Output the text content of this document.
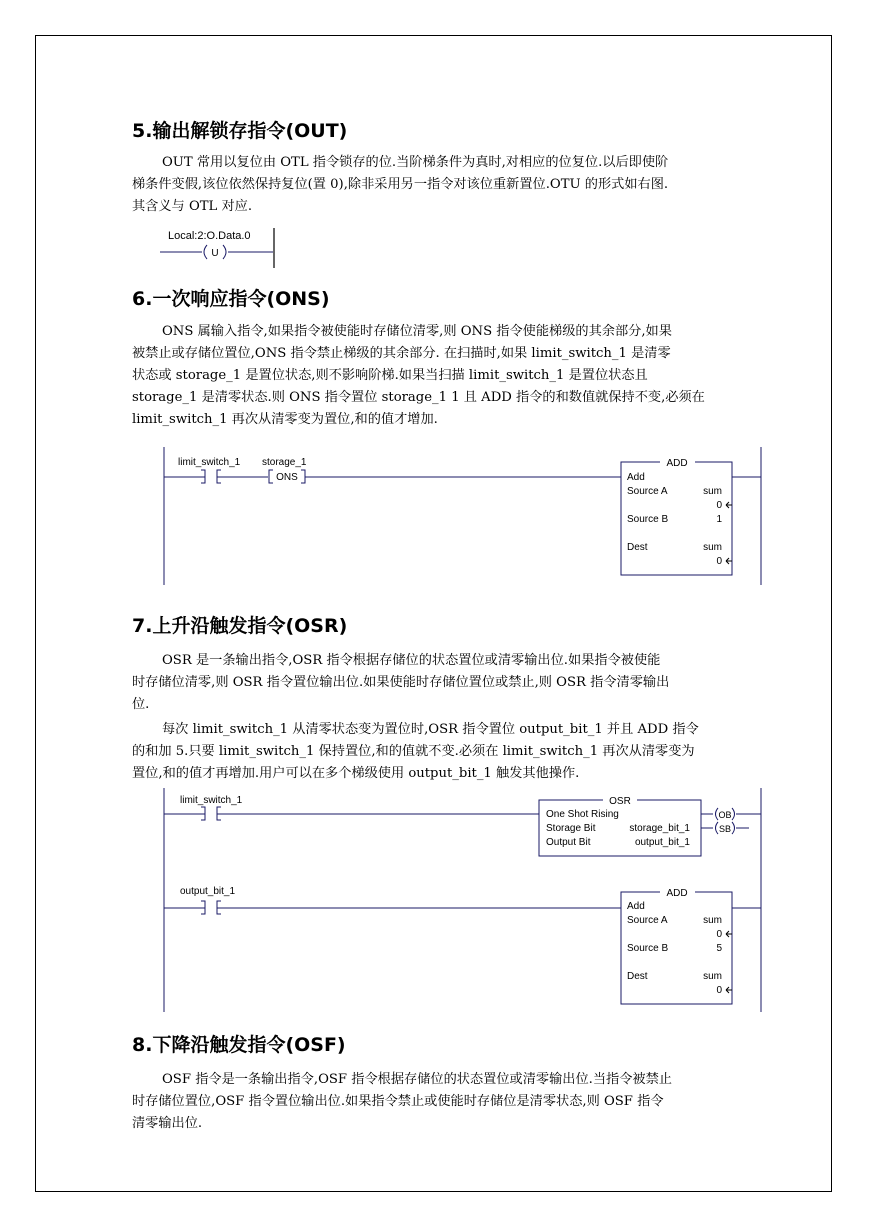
5.输出解锁存指令(OUT)
OUT 常用以复位由 OTL 指令锁存的位.当阶梯条件为真时,对相应的位复位.以后即使阶
梯条件变假,该位依然保持复位(置 0),除非采用另一指令对该位重新置位.OTU 的形式如右图.
其含义与 OTL 对应.
Local:2:O.Data.0
U
6.一次响应指令(ONS)
ONS 属输入指令,如果指令被使能时存储位清零,则 ONS 指令使能梯级的其余部分,如果
被禁止或存储位置位,ONS 指令禁止梯级的其余部分. 在扫描时,如果 limit_switch_1 是清零
状态或 storage_1 是置位状态,则不影响阶梯.如果当扫描 limit_switch_1 是置位状态且
storage_1 是清零状态.则 ONS 指令置位 storage_1 1 且 ADD 指令的和数值就保持不变,必须在
limit_switch_1 再次从清零变为置位,和的值才增加.
limit_switch_1 storage_1
ONS
ADD
Add
Source A	sum
0
Source B	1
Dest	sum
0
7.上升沿触发指令(OSR)
OSR 是一条输出指令,OSR 指令根据存储位的状态置位或清零输出位.如果指令被使能
时存储位清零,则 OSR 指令置位输出位.如果使能时存储位置位或禁止,则 OSR 指令清零输出
位.
每次 limit_switch_1 从清零状态变为置位时,OSR 指令置位 output_bit_1 并且 ADD 指令
的和加 5.只要 limit_switch_1 保持置位,和的值就不变.必须在 limit_switch_1 再次从清零变为
置位,和的值才再增加.用户可以在多个梯级使用 output_bit_1 触发其他操作.
limit_switch_1	OSR
One Shot Rising
Storage Bit	storage_bit_1
Output Bit	output_bit_1
OB
SB
output_bit_1	ADD
Add
Source A	sum
0
Source B	5
Dest	sum
0
8.下降沿触发指令(OSF)
OSF 指令是一条输出指令,OSF 指令根据存储位的状态置位或清零输出位.当指令被禁止
时存储位置位,OSF 指令置位输出位.如果指令禁止或使能时存储位是清零状态,则 OSF 指令
清零输出位.
